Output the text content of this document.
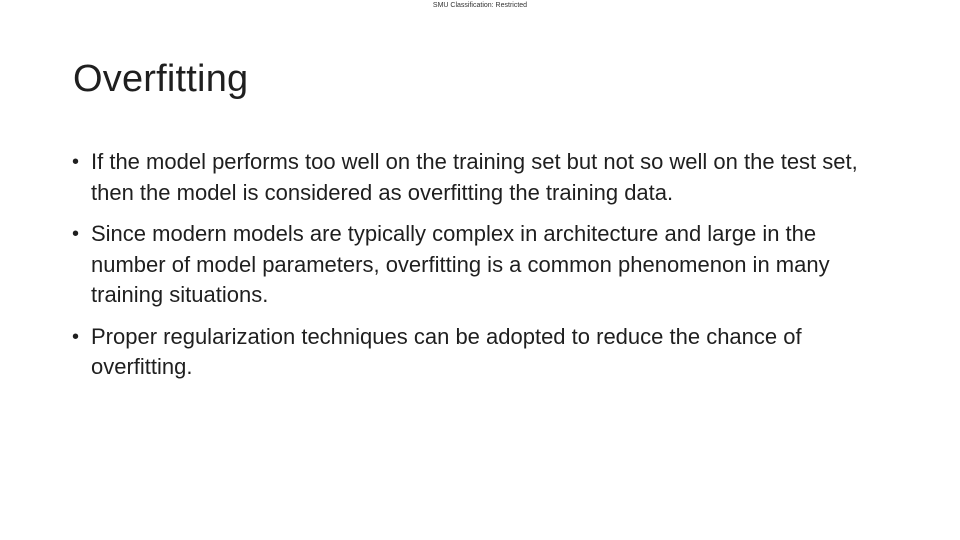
SMU Classification: Restricted
Overfitting
• If the model performs too well on the training set but not so well on the test set, then the model is considered as overfitting the training data.
• Since modern models are typically complex in architecture and large in the number of model parameters, overfitting is a common phenomenon in many training situations.
• Proper regularization techniques can be adopted to reduce the chance of overfitting.
